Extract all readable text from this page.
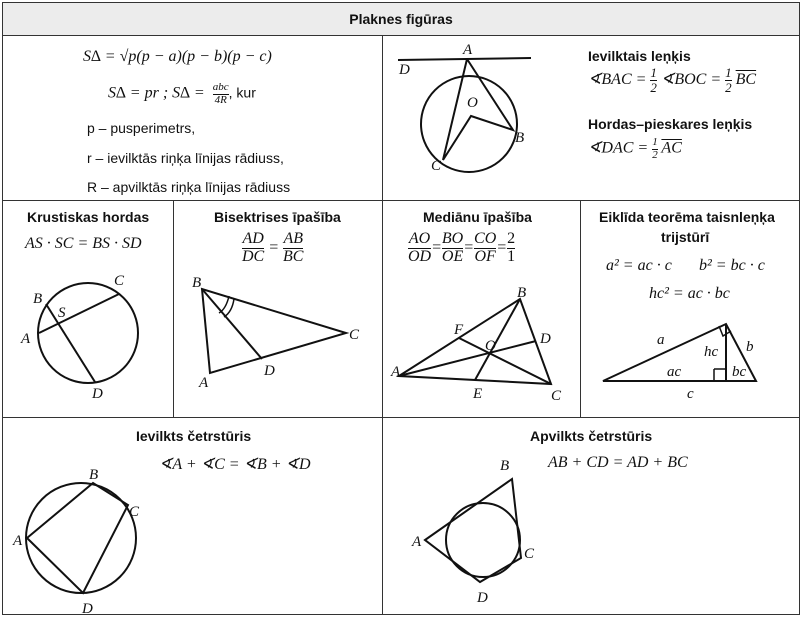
Plaknes figūras
S∆ = √p(p − a)(p − b)(p − c)
S∆ = pr ; $S\Delta = \frac{\text{abc}}{4R}$ , kur
p – pusperimetrs,
r – ievilktās riņķa līnijas rādiuss,
R – apvilktās riņķa līnijas rādiuss
A
D
O
B
C
Ievilktais leņķis
∢BAC = $\frac{1}{2}$ ∢BOC = $\frac{1}{2} \overline{BC}$
Hordas–pieskares leņķis
∢DAC = $\frac{1}{2} \overline{AC}$
Krustiskas hordas
AS · SC = BS · SD
A
B
C
D
S
Bisektrises īpašība
$\frac{AD}{DC} = \frac{AB}{BC}$
B
A
D
C
Mediānu īpašība
$\frac{AO}{OD} = \frac{BO}{OE} = \frac{CO}{OF} = \frac{2}{1}$
A
B
C
D
E
F
O
Eiklīda teorēma taisnleņķa
trijstūrī
a² = ac · c b² = bc · c
hc² = ac · bc
a	b
c
ac	bc
hc
Ievilkts četrstūris
∢A + ∢C = ∢B + ∢D
A
B
C
D
Apvilkts četrstūris
AB + CD = AD + BC
A
B
C
D
